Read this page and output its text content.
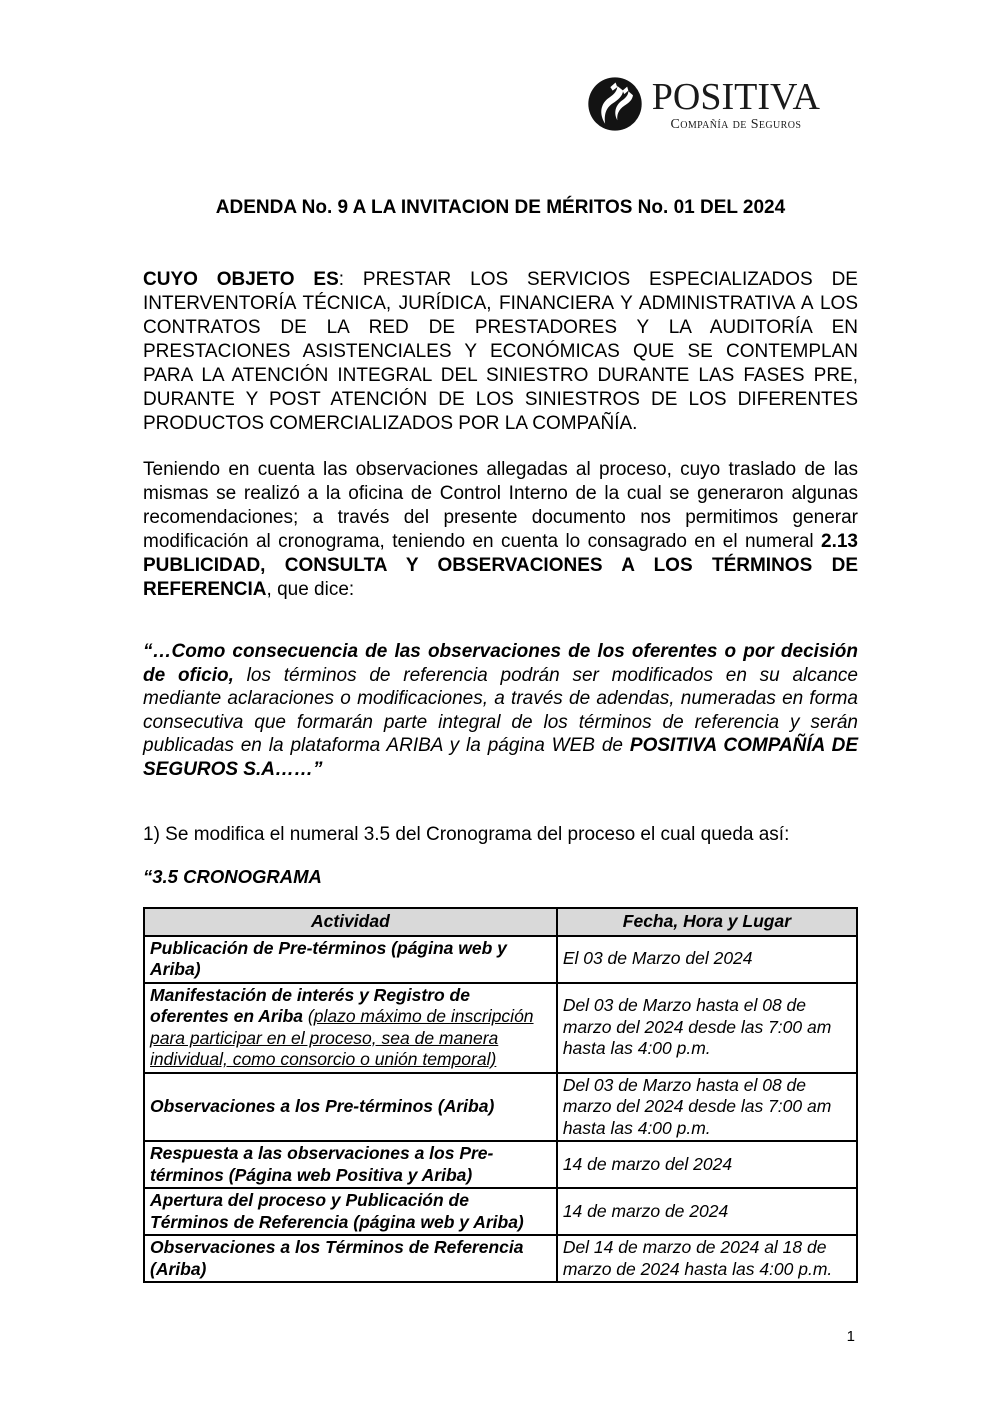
POSITIVA
Compañía de Seguros
ADENDA No. 9 A LA INVITACION DE MÉRITOS No. 01 DEL 2024

CUYO OBJETO ES: PRESTAR LOS SERVICIOS ESPECIALIZADOS DE INTERVENTORÍA TÉCNICA, JURÍDICA, FINANCIERA Y ADMINISTRATIVA A LOS CONTRATOS DE LA RED DE PRESTADORES Y LA AUDITORÍA EN PRESTACIONES ASISTENCIALES Y ECONÓMICAS QUE SE CONTEMPLAN PARA LA ATENCIÓN INTEGRAL DEL SINIESTRO DURANTE LAS FASES PRE, DURANTE Y POST ATENCIÓN DE LOS SINIESTROS DE LOS DIFERENTES PRODUCTOS COMERCIALIZADOS POR LA COMPAÑÍA.

Teniendo en cuenta las observaciones allegadas al proceso, cuyo traslado de las mismas se realizó a la oficina de Control Interno de la cual se generaron algunas recomendaciones; a través del presente documento nos permitimos generar modificación al cronograma, teniendo en cuenta lo consagrado en el numeral 2.13 PUBLICIDAD, CONSULTA Y OBSERVACIONES A LOS TÉRMINOS DE REFERENCIA, que dice:

“…Como consecuencia de las observaciones de los oferentes o por decisión de oficio, los términos de referencia podrán ser modificados en su alcance mediante aclaraciones o modificaciones, a través de adendas, numeradas en forma consecutiva que formarán parte integral de los términos de referencia y serán publicadas en la plataforma ARIBA y la página WEB de POSITIVA COMPAÑÍA DE SEGUROS S.A……”

1) Se modifica el numeral 3.5 del Cronograma del proceso el cual queda así:

“3.5 CRONOGRAMA

Actividad	Fecha, Hora y Lugar
Publicación de Pre-términos (página web y Ariba)	El 03 de Marzo del 2024
Manifestación de interés y Registro de oferentes en Ariba (plazo máximo de inscripción para participar en el proceso, sea de manera individual, como consorcio o unión temporal)	Del 03 de Marzo hasta el 08 de marzo del 2024 desde las 7:00 am hasta las 4:00 p.m.
Observaciones a los Pre-términos (Ariba)	Del 03 de Marzo hasta el 08 de marzo del 2024 desde las 7:00 am hasta las 4:00 p.m.
Respuesta a las observaciones a los Pre-términos (Página web Positiva y Ariba)	14 de marzo del 2024
Apertura del proceso y Publicación de Términos de Referencia (página web y Ariba)	14 de marzo de 2024
Observaciones a los Términos de Referencia (Ariba)	Del 14 de marzo de 2024 al 18 de marzo de 2024 hasta las 4:00 p.m.
1
